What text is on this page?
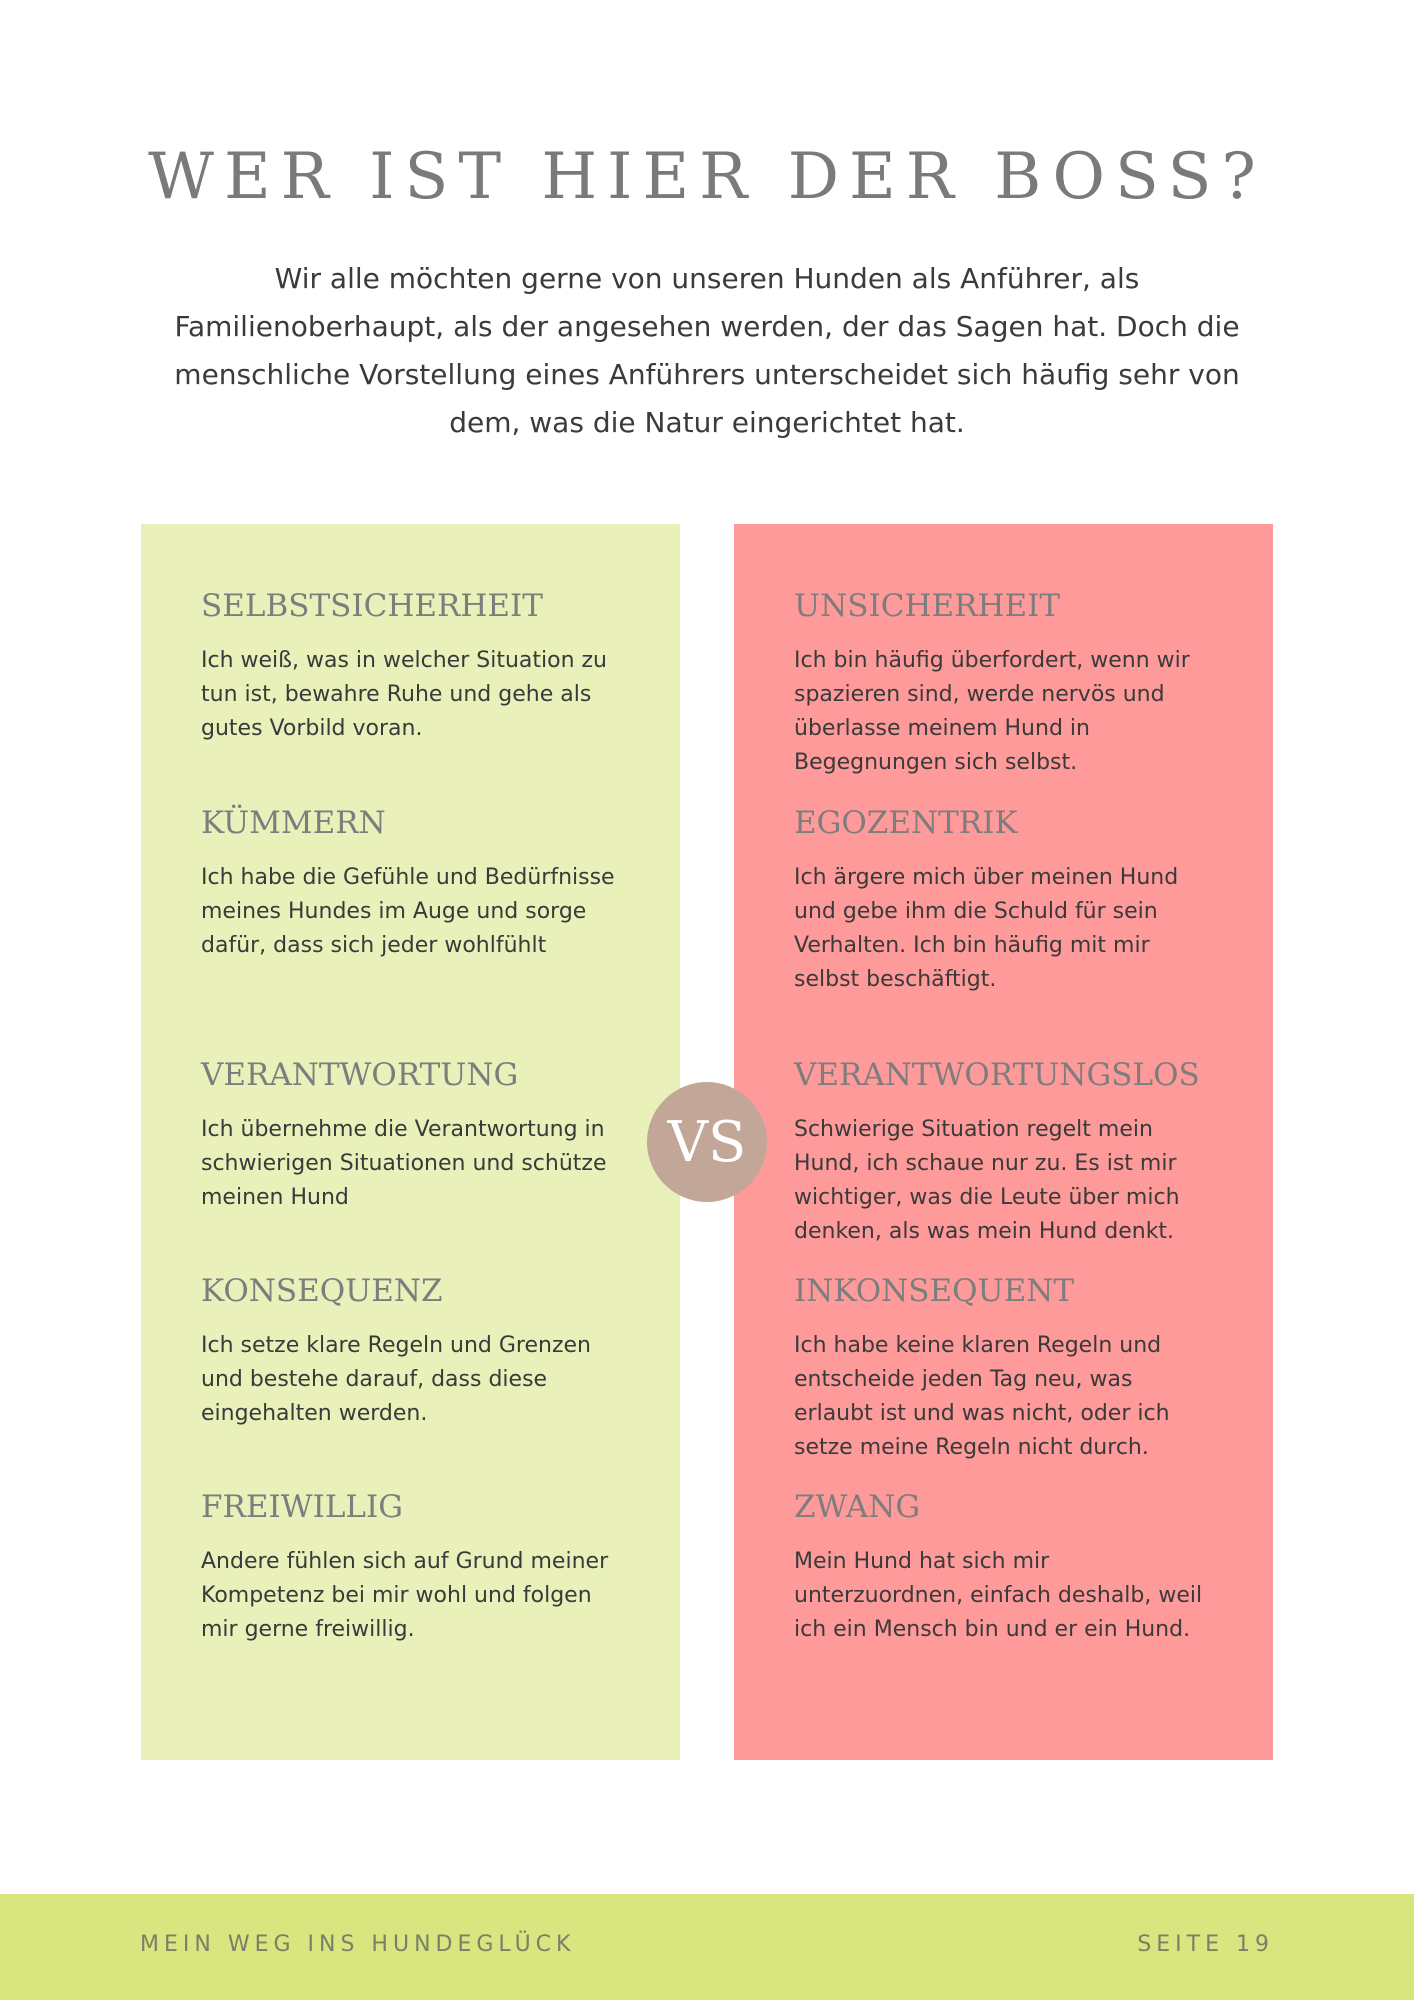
WER IST HIER DER BOSS?

Wir alle möchten gerne von unseren Hunden als Anführer, als Familienoberhaupt, als der angesehen werden, der das Sagen hat. Doch die menschliche Vorstellung eines Anführers unterscheidet sich häufig sehr von dem, was die Natur eingerichtet hat.

SELBSTSICHERHEIT

Ich weiß, was in welcher Situation zu tun ist, bewahre Ruhe und gehe als gutes Vorbild voran.

KÜMMERN

Ich habe die Gefühle und Bedürfnisse meines Hundes im Auge und sorge dafür, dass sich jeder wohlfühlt

VERANTWORTUNG

Ich übernehme die Verantwortung in schwierigen Situationen und schütze meinen Hund

KONSEQUENZ

Ich setze klare Regeln und Grenzen und bestehe darauf, dass diese eingehalten werden.

FREIWILLIG

Andere fühlen sich auf Grund meiner Kompetenz bei mir wohl und folgen mir gerne freiwillig.

UNSICHERHEIT

Ich bin häufig überfordert, wenn wir spazieren sind, werde nervös und überlasse meinem Hund in Begegnungen sich selbst.

EGOZENTRIK

Ich ärgere mich über meinen Hund und gebe ihm die Schuld für sein Verhalten. Ich bin häufig mit mir selbst beschäftigt.

VERANTWORTUNGSLOS

Schwierige Situation regelt mein Hund, ich schaue nur zu. Es ist mir wichtiger, was die Leute über mich denken, als was mein Hund denkt.

INKONSEQUENT

Ich habe keine klaren Regeln und entscheide jeden Tag neu, was erlaubt ist und was nicht, oder ich setze meine Regeln nicht durch.

ZWANG

Mein Hund hat sich mir unterzuordnen, einfach deshalb, weil ich ein Mensch bin und er ein Hund.

VS
MEIN WEG INS HUNDEGLÜCK	SEITE 19
